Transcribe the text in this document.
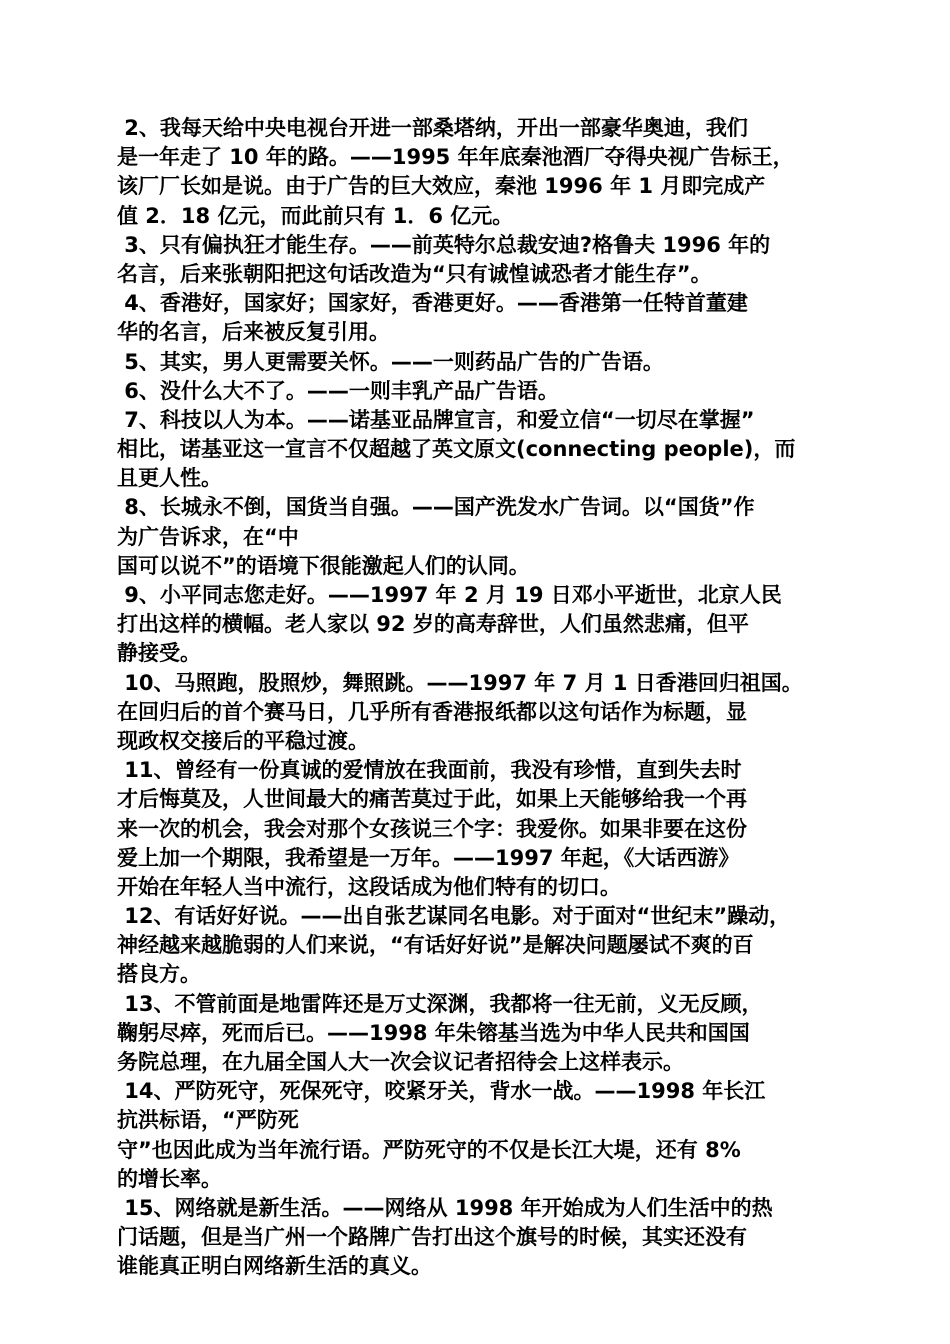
2、我每天给中央电视台开进一部桑塔纳，开出一部豪华奥迪，我们
是一年走了 10 年的路。——1995 年年底秦池酒厂夺得央视广告标王，
该厂厂长如是说。由于广告的巨大效应，秦池 1996 年 1 月即完成产
值 2．18 亿元，而此前只有 1．6 亿元。
3、只有偏执狂才能生存。——前英特尔总裁安迪?格鲁夫 1996 年的
名言，后来张朝阳把这句话改造为“只有诚惶诚恐者才能生存”。
4、香港好，国家好；国家好，香港更好。——香港第一任特首董建
华的名言，后来被反复引用。
5、其实，男人更需要关怀。——一则药品广告的广告语。
6、没什么大不了。——一则丰乳产品广告语。
7、科技以人为本。——诺基亚品牌宣言，和爱立信“一切尽在掌握”
相比，诺基亚这一宣言不仅超越了英文原文(connecting people)，而
且更人性。
8、长城永不倒，国货当自强。——国产洗发水广告词。以“国货”作
为广告诉求，在“中
国可以说不”的语境下很能激起人们的认同。
9、小平同志您走好。——1997 年 2 月 19 日邓小平逝世，北京人民
打出这样的横幅。老人家以 92 岁的高寿辞世，人们虽然悲痛，但平
静接受。
10、马照跑，股照炒，舞照跳。——1997 年 7 月 1 日香港回归祖国。
在回归后的首个赛马日，几乎所有香港报纸都以这句话作为标题，显
现政权交接后的平稳过渡。
11、曾经有一份真诚的爱情放在我面前，我没有珍惜，直到失去时
才后悔莫及，人世间最大的痛苦莫过于此，如果上天能够给我一个再
来一次的机会，我会对那个女孩说三个字：我爱你。如果非要在这份
爱上加一个期限，我希望是一万年。——1997 年起，《大话西游》
开始在年轻人当中流行，这段话成为他们特有的切口。
12、有话好好说。——出自张艺谋同名电影。对于面对“世纪末”躁动，
神经越来越脆弱的人们来说，“有话好好说”是解决问题屡试不爽的百
搭良方。
13、不管前面是地雷阵还是万丈深渊，我都将一往无前，义无反顾，
鞠躬尽瘁，死而后已。——1998 年朱镕基当选为中华人民共和国国
务院总理，在九届全国人大一次会议记者招待会上这样表示。
14、严防死守，死保死守，咬紧牙关，背水一战。——1998 年长江
抗洪标语，“严防死
守”也因此成为当年流行语。严防死守的不仅是长江大堤，还有 8%
的增长率。
15、网络就是新生活。——网络从 1998 年开始成为人们生活中的热
门话题，但是当广州一个路牌广告打出这个旗号的时候，其实还没有
谁能真正明白网络新生活的真义。
